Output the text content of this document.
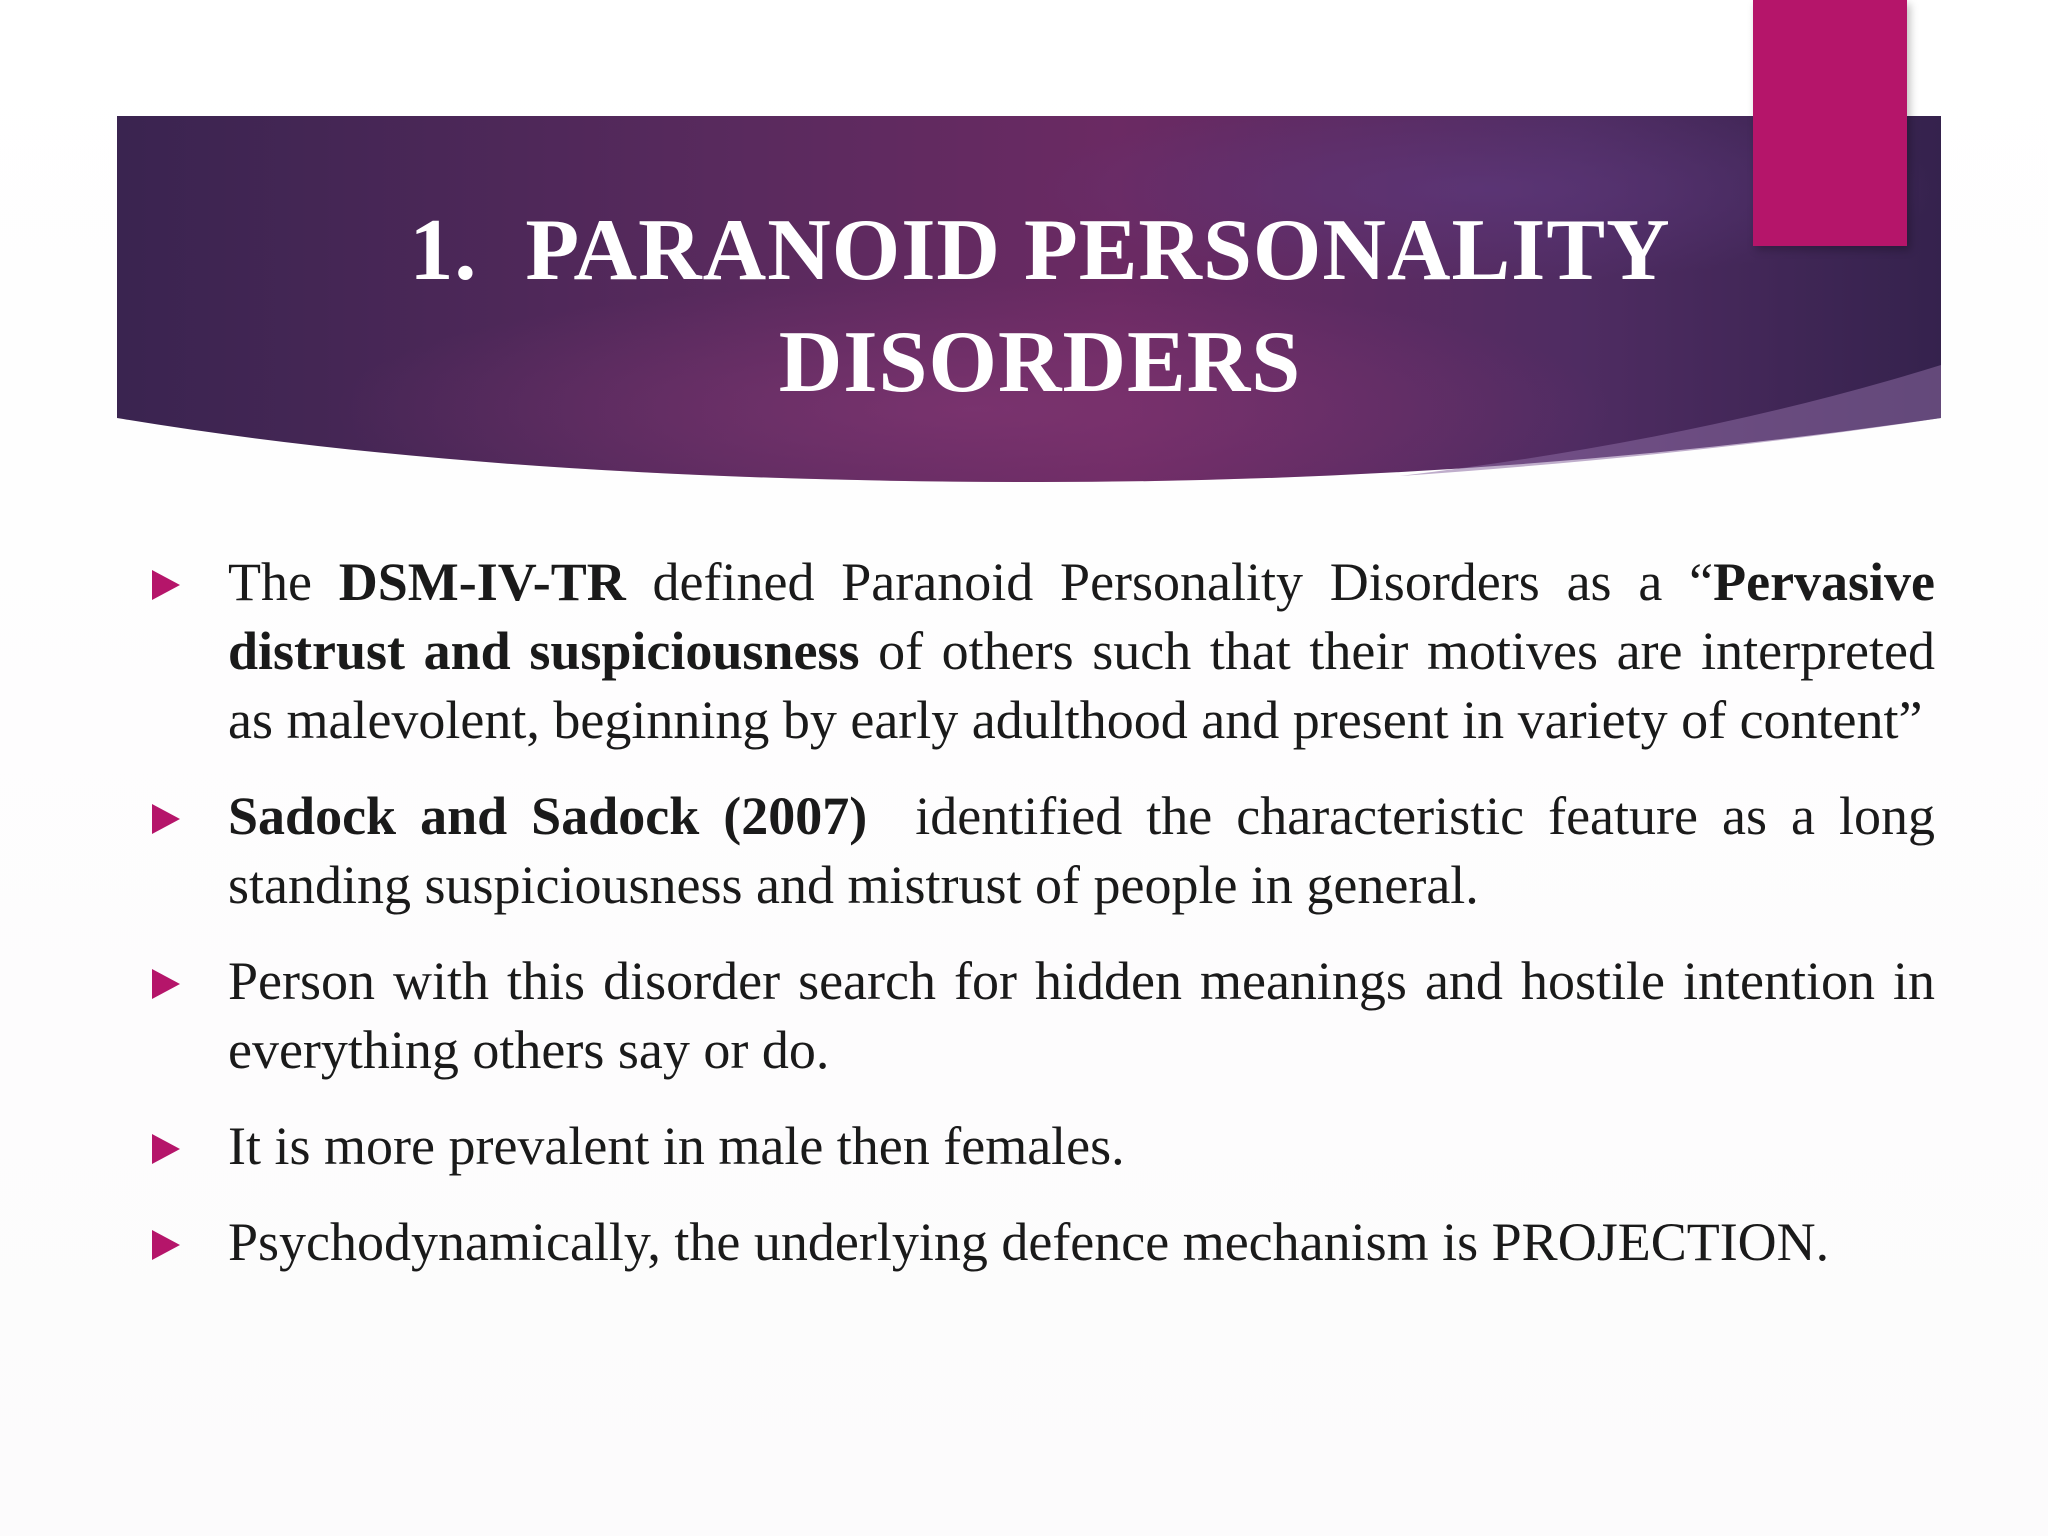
1. PARANOID PERSONALITY
DISORDERS
The DSM-IV-TR defined Paranoid Personality Disorders as a “Pervasive distrust and suspiciousness of others such that their motives are interpreted as malevolent, beginning by early adulthood and present in variety of content”
Sadock and Sadock (2007)  identified the characteristic feature as a long standing suspiciousness and mistrust of people in general.
Person with this disorder search for hidden meanings and hostile intention in everything others say or do.
It is more prevalent in male then females.
Psychodynamically, the underlying defence mechanism is PROJECTION.
